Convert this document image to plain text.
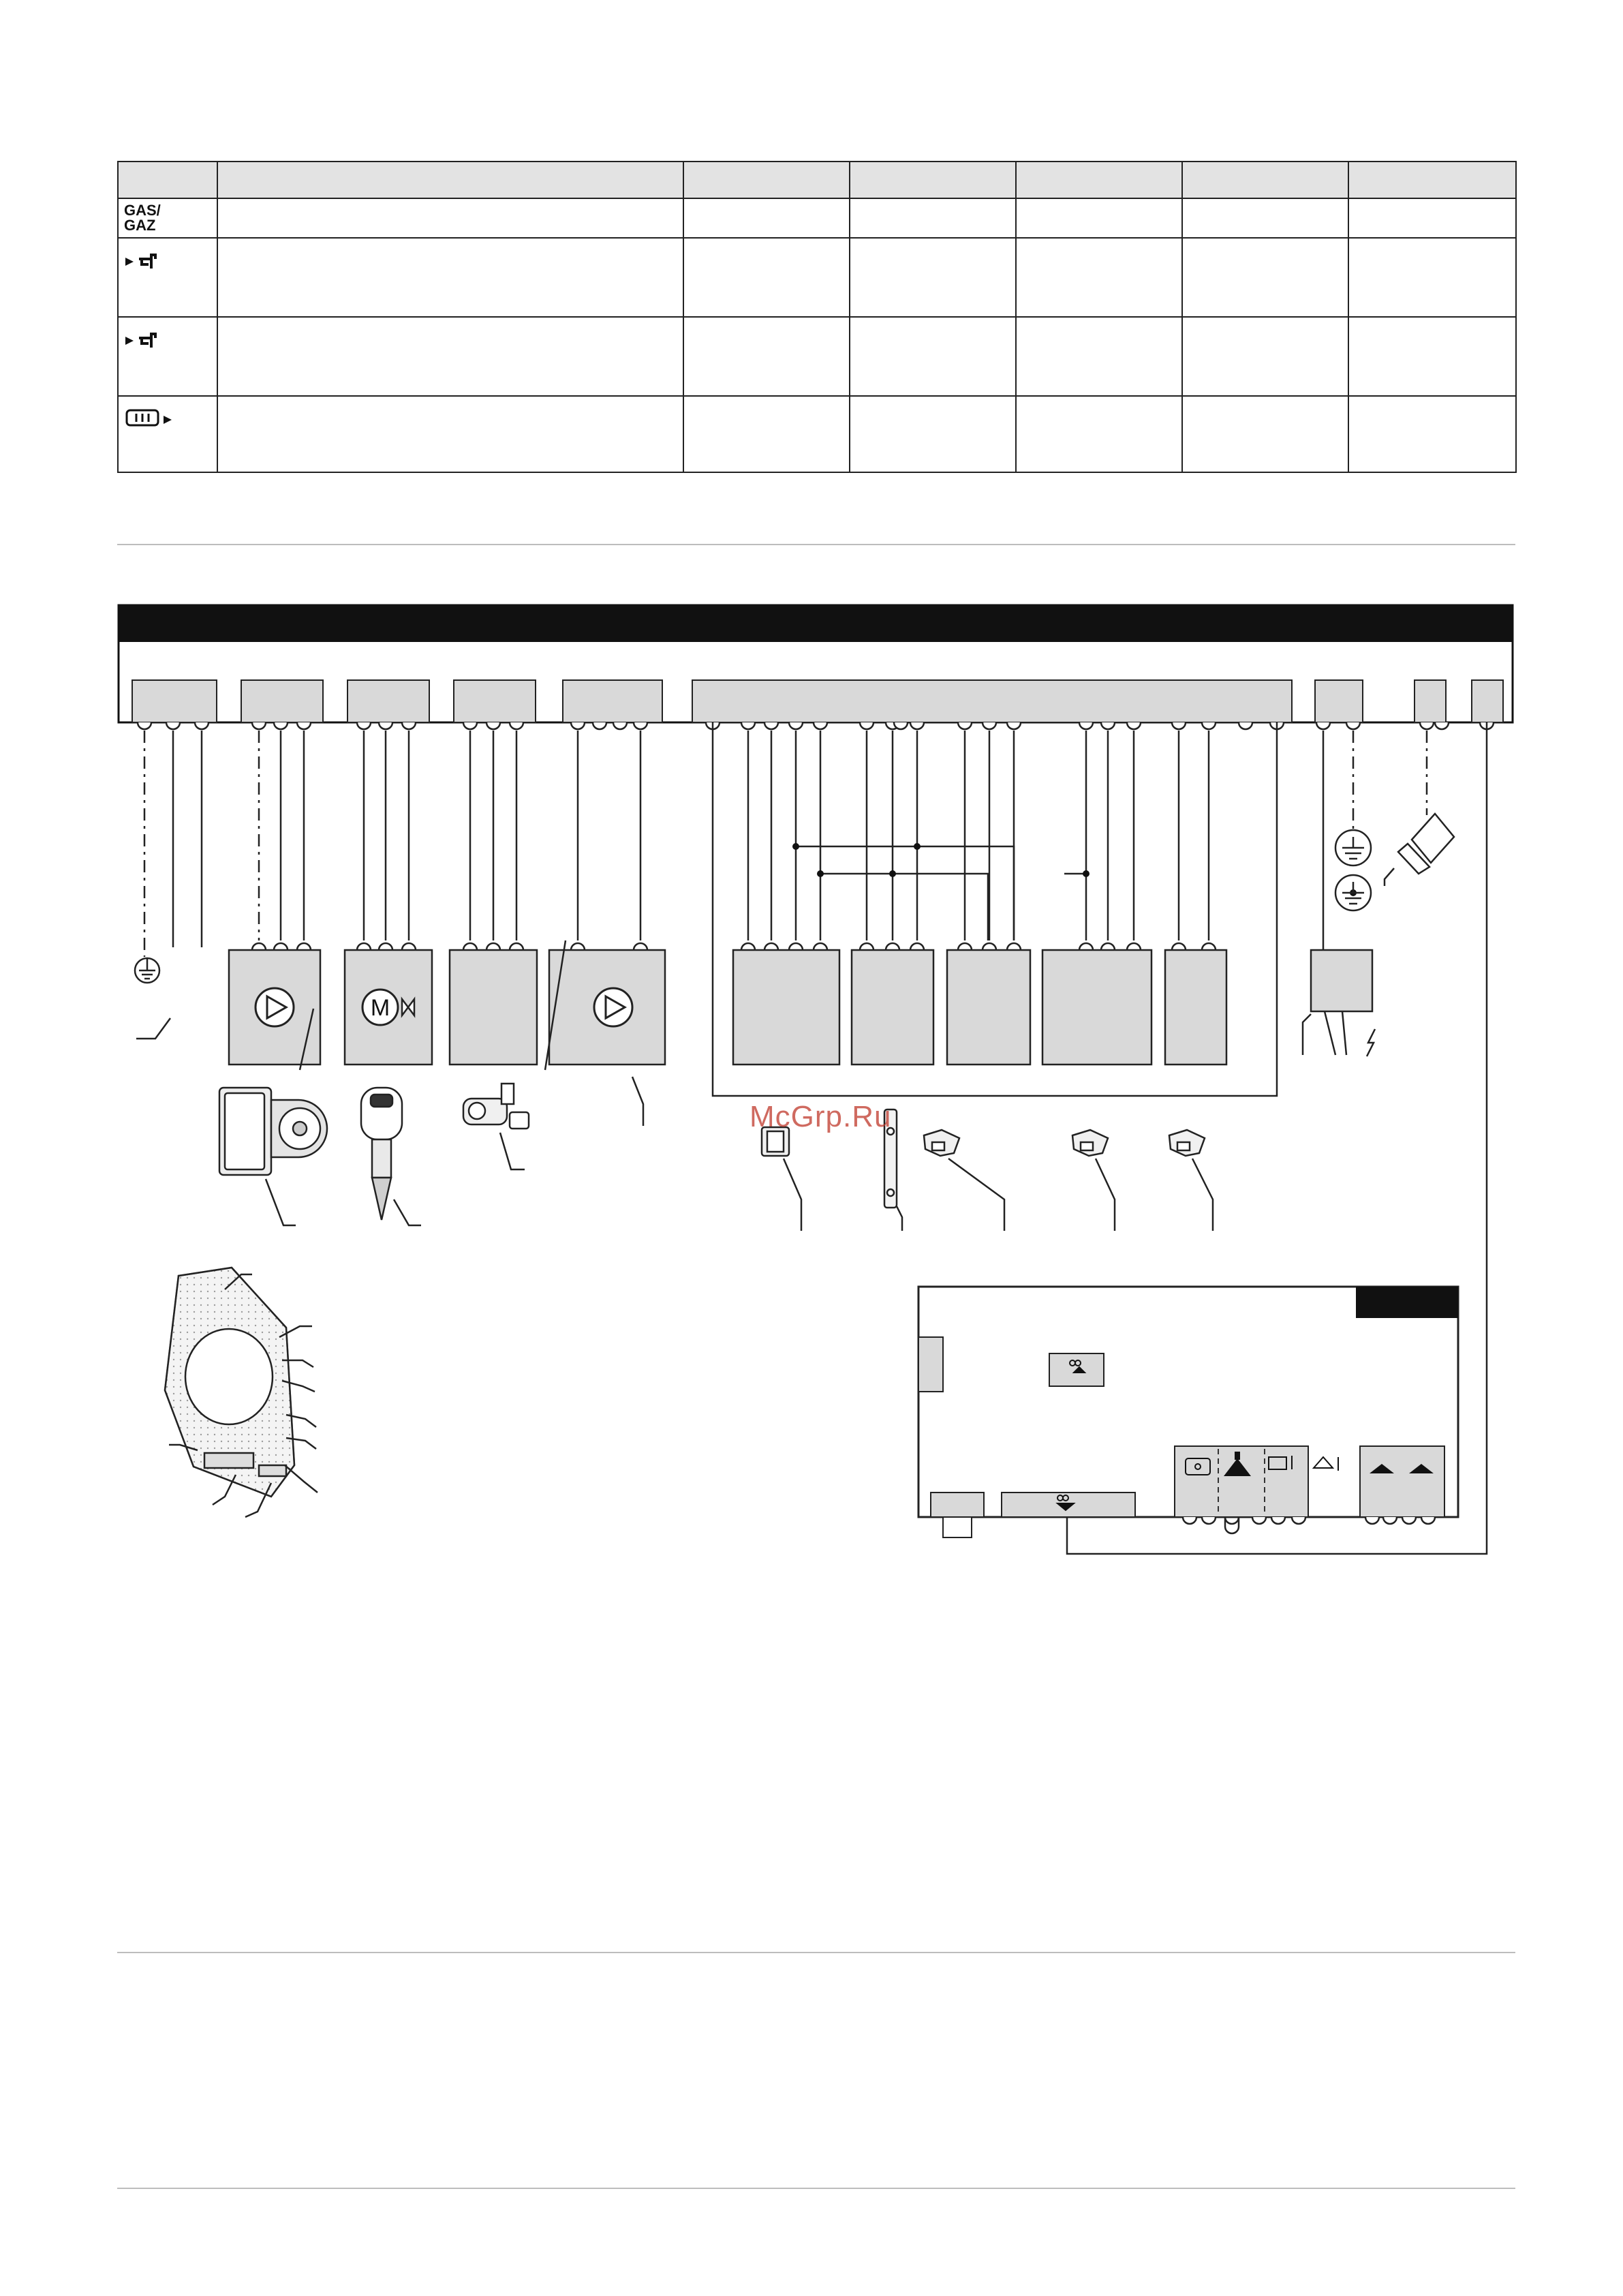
GAS/
GAZ						

M
McGrp.Ru
